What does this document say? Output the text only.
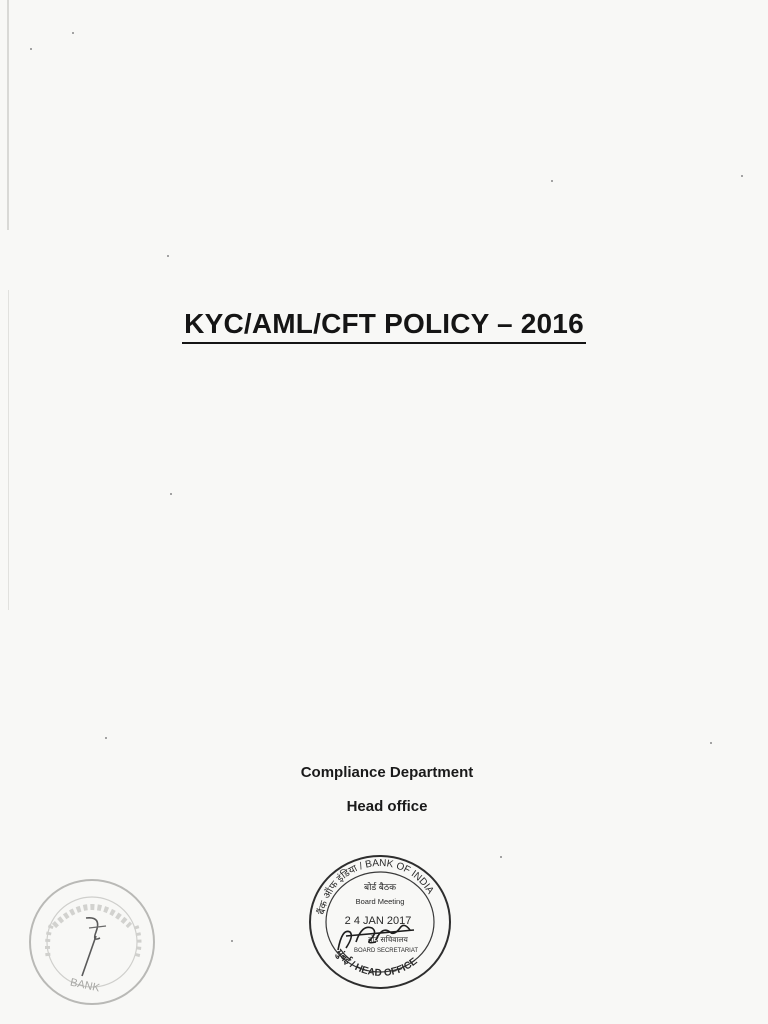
KYC/AML/CFT POLICY – 2016
Compliance Department
Head office
BANK
बैंक ऑफ इंडिया / BANK OF INDIA
मुंबई / HEAD OFFICE
बोर्ड बैठक
Board Meeting
2 4 JAN 2017
बोर्ड सचिवालय
BOARD SECRETARIAT
